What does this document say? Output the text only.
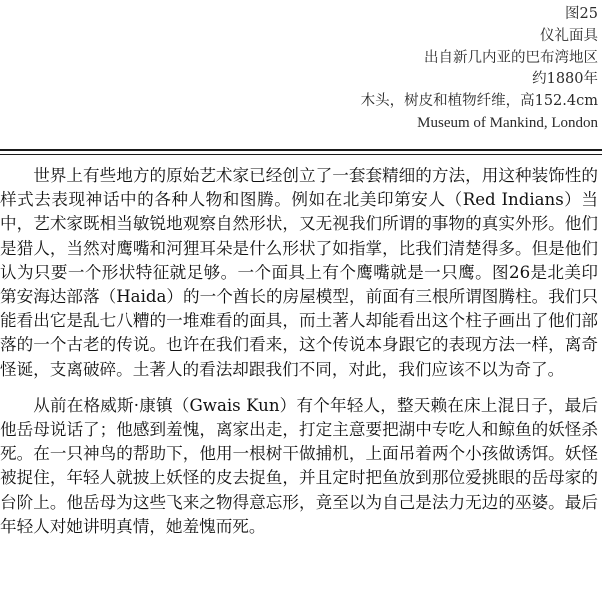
图25
仪礼面具
出自新几内亚的巴布湾地区
约1880年
木头，树皮和植物纤维，高152.4cm
Museum of Mankind, London

世界上有些地方的原始艺术家已经创立了一套套精细的方法，用这种装饰性的样式去表现神话中的各种人物和图腾。例如在北美印第安人（Red Indians）当中，艺术家既相当敏锐地观察自然形状，又无视我们所谓的事物的真实外形。他们是猎人，当然对鹰嘴和河狸耳朵是什么形状了如指掌，比我们清楚得多。但是他们认为只要一个形状特征就足够。一个面具上有个鹰嘴就是一只鹰。图26是北美印第安海达部落（Haida）的一个酋长的房屋模型，前面有三根所谓图腾柱。我们只能看出它是乱七八糟的一堆难看的面具，而土著人却能看出这个柱子画出了他们部落的一个古老的传说。也许在我们看来，这个传说本身跟它的表现方法一样，离奇怪诞，支离破碎。土著人的看法却跟我们不同，对此，我们应该不以为奇了。

从前在格威斯·康镇（Gwais Kun）有个年轻人，整天赖在床上混日子，最后他岳母说话了；他感到羞愧，离家出走，打定主意要把湖中专吃人和鲸鱼的妖怪杀死。在一只神鸟的帮助下，他用一根树干做捕机，上面吊着两个小孩做诱饵。妖怪被捉住，年轻人就披上妖怪的皮去捉鱼，并且定时把鱼放到那位爱挑眼的岳母家的台阶上。他岳母为这些飞来之物得意忘形，竟至以为自己是法力无边的巫婆。最后年轻人对她讲明真情，她羞愧而死。
